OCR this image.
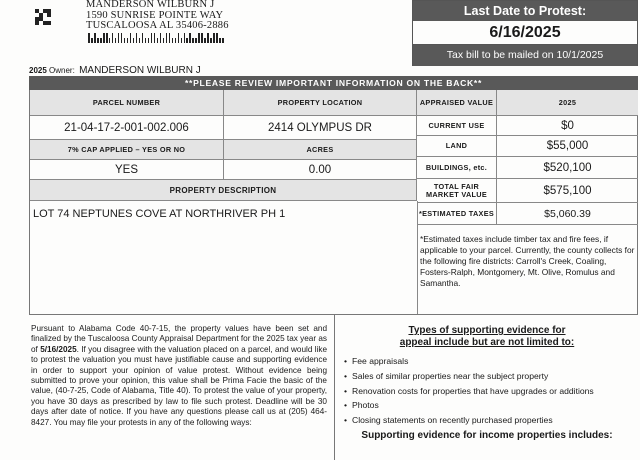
MANDERSON WILBURN J
1590 SUNRISE POINTE WAY
TUSCALOOSA AL 35406-2886
Last Date to Protest:
6/16/2025
Tax bill to be mailed on 10/1/2025
2025 Owner: MANDERSON WILBURN J
**PLEASE REVIEW IMPORTANT INFORMATION ON THE BACK**
PARCEL NUMBER	PROPERTY LOCATION	APPRAISED VALUE	2025
21-04-17-2-001-002.006	2414 OLYMPUS DR
7% CAP APPLIED – YES OR NO	ACRES
YES	0.00
PROPERTY DESCRIPTION
LOT 74 NEPTUNES COVE AT NORTHRIVER PH 1
CURRENT USE	$0
LAND	$55,000
BUILDINGS, etc.	$520,100
TOTAL FAIR MARKET VALUE	$575,100
*ESTIMATED TAXES	$5,060.39
*Estimated taxes include timber tax and fire fees, if applicable to your parcel. Currently, the county collects for the following fire districts: Carroll's Creek, Coaling, Fosters-Ralph, Montgomery, Mt. Olive, Romulus and Samantha.
Pursuant to Alabama Code 40-7-15, the property values have been set and finalized by the Tuscaloosa County Appraisal Department for the 2025 tax year as of 5/16/2025. If you disagree with the valuation placed on a parcel, and would like to protest the valuation you must have justifiable cause and supporting evidence in order to support your opinion of value protest. Without evidence being submitted to prove your opinion, this value shall be Prima Facie the basic of the value, (40-7-25, Code of Alabama, Title 40). To protest the value of your property, you have 30 days as prescribed by law to file such protest. Deadline will be 30 days after date of notice. If you have any questions please call us at (205) 464-8427. You may file your protests in any of the following ways:
Types of supporting evidence for
appeal include but are not limited to:
• Fee appraisals
• Sales of similar properties near the subject property
• Renovation costs for properties that have upgrades or additions
• Photos
• Closing statements on recently purchased properties
Supporting evidence for income properties includes:
